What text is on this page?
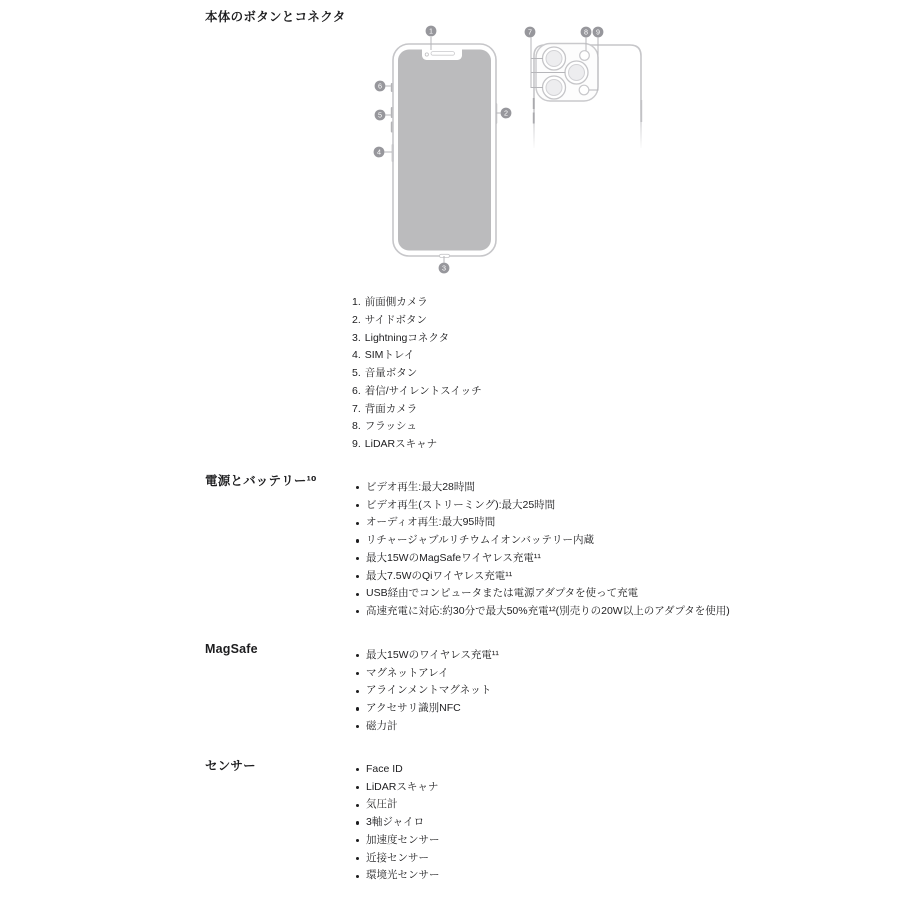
本体のボタンとコネクタ
1
2
3
4
5
6
7	8 9
1. 前面側カメラ
2. サイドボタン
3. Lightningコネクタ
4. SIMトレイ
5. 音量ボタン
6. 着信/サイレントスイッチ
7. 背面カメラ
8. フラッシュ
9. LiDARスキャナ
電源とバッテリー¹⁰	ビデオ再生:最大28時間
ビデオ再生(ストリーミング):最大25時間
オーディオ再生:最大95時間
リチャージャブルリチウムイオンバッテリー内蔵
最大15WのMagSafeワイヤレス充電¹¹
最大7.5WのQiワイヤレス充電¹¹
USB経由でコンピュータまたは電源アダプタを使って充電
高速充電に対応:約30分で最大50%充電¹²(別売りの20W以上のアダプタを使用)
MagSafe	最大15Wのワイヤレス充電¹¹
マグネットアレイ
アラインメントマグネット
アクセサリ識別NFC
磁力計
センサー	Face ID
LiDARスキャナ
気圧計
3軸ジャイロ
加速度センサー
近接センサー
環境光センサー
